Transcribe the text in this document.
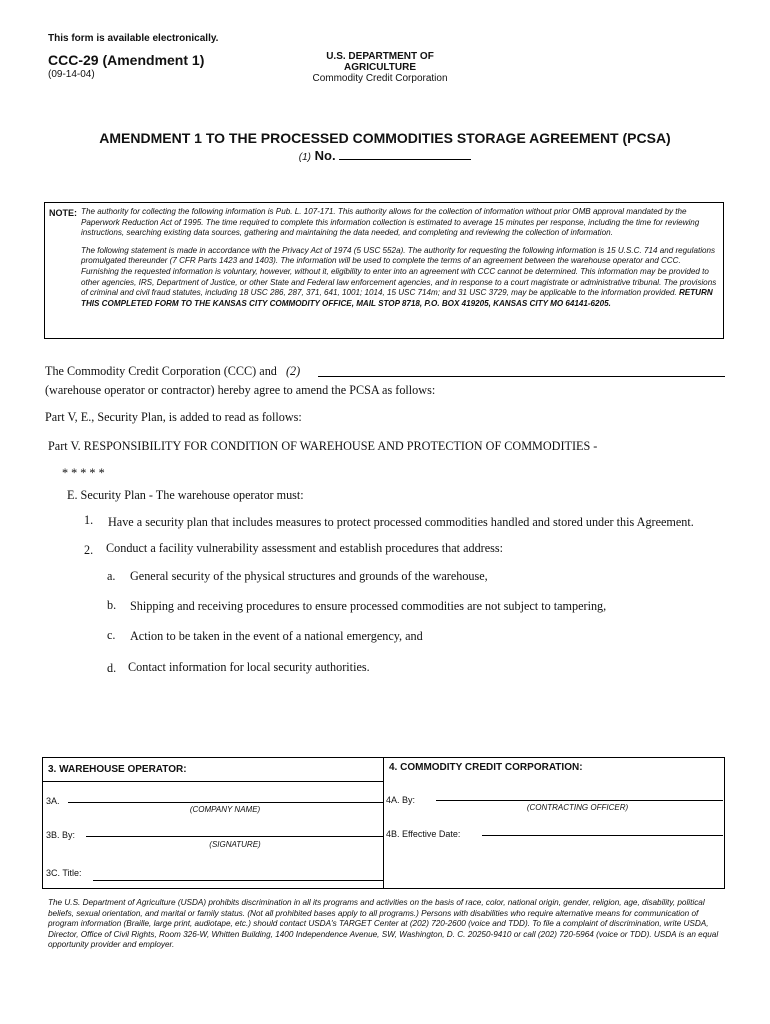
This form is available electronically.
CCC-29 (Amendment 1)
(09-14-04)
U.S. DEPARTMENT OF AGRICULTURE
Commodity Credit Corporation
AMENDMENT 1 TO THE PROCESSED COMMODITIES STORAGE AGREEMENT (PCSA)
(1) No.
NOTE: The authority for collecting the following information is Pub. L. 107-171. This authority allows for the collection of information without prior OMB approval mandated by the Paperwork Reduction Act of 1995. The time required to complete this information collection is estimated to average 15 minutes per response, including the time for reviewing instructions, searching existing data sources, gathering and maintaining the data needed, and completing and reviewing the collection of information.

The following statement is made in accordance with the Privacy Act of 1974 (5 USC 552a). The authority for requesting the following information is 15 U.S.C. 714 and regulations promulgated thereunder (7 CFR Parts 1423 and 1403). The information will be used to complete the terms of an agreement between the warehouse operator and CCC. Furnishing the requested information is voluntary, however, without it, eligibility to enter into an agreement with CCC cannot be determined. This information may be provided to other agencies, IRS, Department of Justice, or other State and Federal law enforcement agencies, and in response to a court magistrate or administrative tribunal. The provisions of criminal and civil fraud statutes, including 18 USC 286, 287, 371, 641, 1001; 1014, 15 USC 714m; and 31 USC 3729, may be applicable to the information provided. RETURN THIS COMPLETED FORM TO THE KANSAS CITY COMMODITY OFFICE, MAIL STOP 8718, P.O. BOX 419205, KANSAS CITY MO 64141-6205.

The Commodity Credit Corporation (CCC) and (2)
(warehouse operator or contractor) hereby agree to amend the PCSA as follows:
Part V, E., Security Plan, is added to read as follows:
Part V. RESPONSIBILITY FOR CONDITION OF WAREHOUSE AND PROTECTION OF COMMODITIES -
* * * * *
E. Security Plan - The warehouse operator must:
1. Have a security plan that includes measures to protect processed commodities handled and stored under this Agreement.
2. Conduct a facility vulnerability assessment and establish procedures that address:
a. General security of the physical structures and grounds of the warehouse,
b. Shipping and receiving procedures to ensure processed commodities are not subject to tampering,
c. Action to be taken in the event of a national emergency, and
d. Contact information for local security authorities.
3. WAREHOUSE OPERATOR:
3A.
(COMPANY NAME)
3B. By:
(SIGNATURE)
3C. Title:
4. COMMODITY CREDIT CORPORATION:
4A. By:
(CONTRACTING OFFICER)
4B. Effective Date:
The U.S. Department of Agriculture (USDA) prohibits discrimination in all its programs and activities on the basis of race, color, national origin, gender, religion, age, disability, political beliefs, sexual orientation, and marital or family status. (Not all prohibited bases apply to all programs.) Persons with disabilities who require alternative means for communication of program information (Braille, large print, audiotape, etc.) should contact USDA's TARGET Center at (202) 720-2600 (voice and TDD). To file a complaint of discrimination, write USDA, Director, Office of Civil Rights, Room 326-W, Whitten Building, 1400 Independence Avenue, SW, Washington, D. C. 20250-9410 or call (202) 720-5964 (voice or TDD). USDA is an equal opportunity provider and employer.
